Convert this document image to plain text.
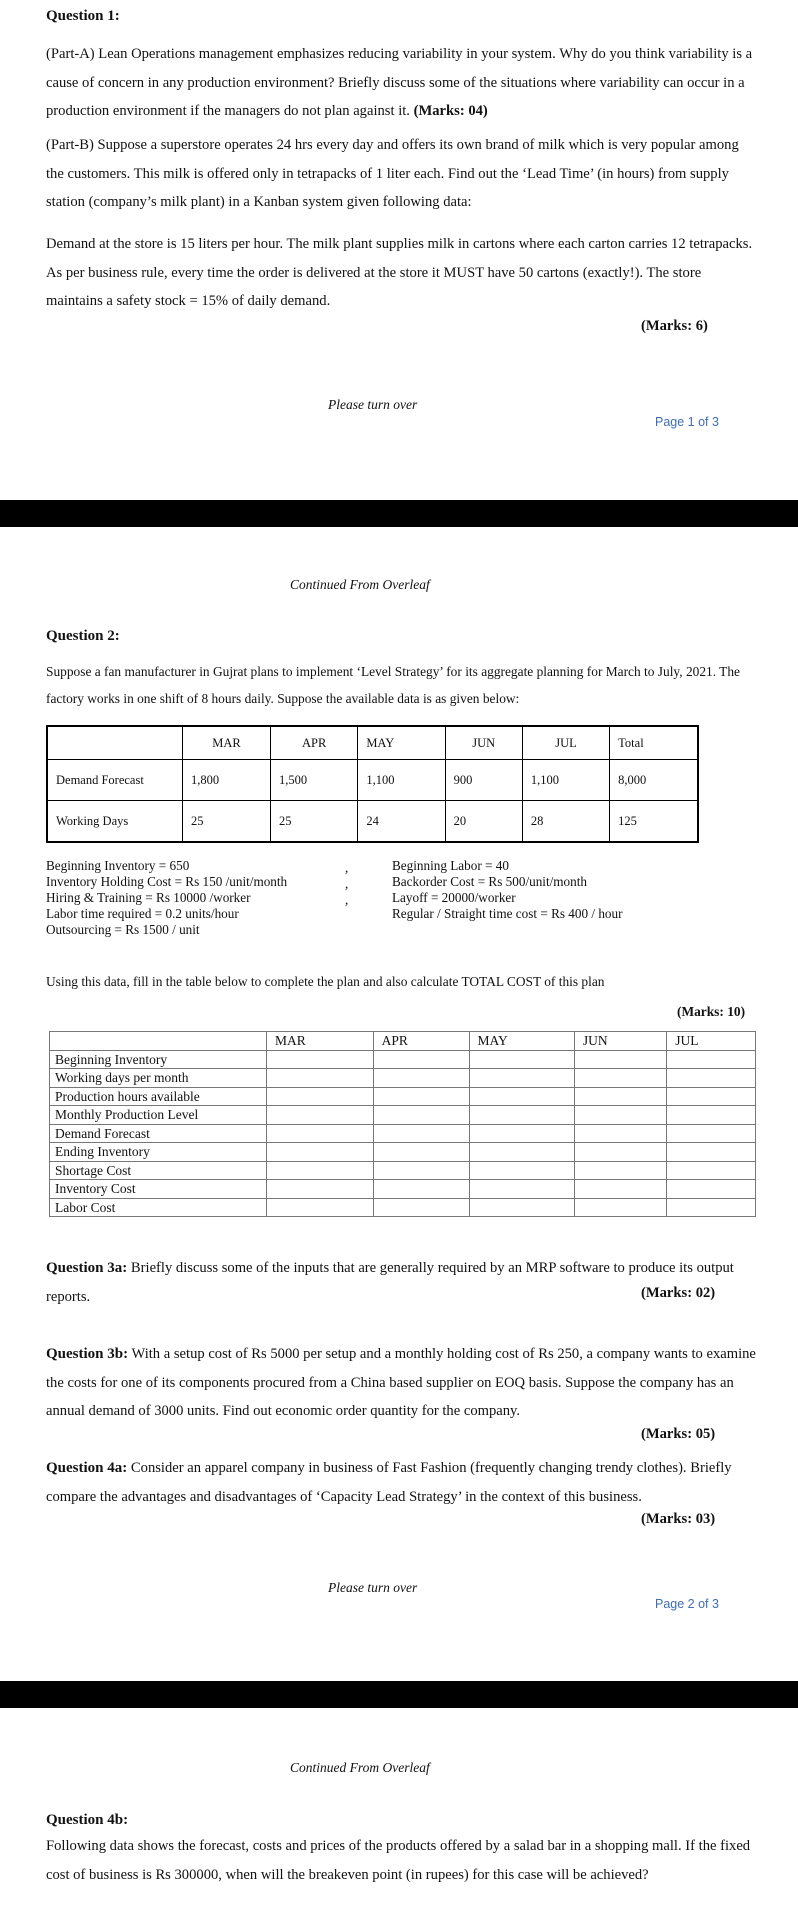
Question 1:
(Part-A) Lean Operations management emphasizes reducing variability in your system. Why do you think variability is a cause of concern in any production environment? Briefly discuss some of the situations where variability can occur in a production environment if the managers do not plan against it. (Marks: 04)
(Part-B) Suppose a superstore operates 24 hrs every day and offers its own brand of milk which is very popular among the customers. This milk is offered only in tetrapacks of 1 liter each. Find out the ‘Lead Time’ (in hours) from supply station (company’s milk plant) in a Kanban system given following data:
Demand at the store is 15 liters per hour. The milk plant supplies milk in cartons where each carton carries 12 tetrapacks. As per business rule, every time the order is delivered at the store it MUST have 50 cartons (exactly!). The store maintains a safety stock = 15% of daily demand.
(Marks: 6)
Please turn over
Page 1 of 3
Continued From Overleaf
Question 2:
Suppose a fan manufacturer in Gujrat plans to implement ‘Level Strategy’ for its aggregate planning for March to July, 2021. The factory works in one shift of 8 hours daily. Suppose the available data is as given below:
	MAR	APR	MAY	JUN	JUL	Total
Demand Forecast	1,800	1,500	1,100	900	1,100	8,000
Working Days	25	25	24	20	28	125
Beginning Inventory = 650
Inventory Holding Cost = Rs 150 /unit/month
Hiring & Training = Rs 10000 /worker
Labor time required = 0.2 units/hour
Outsourcing = Rs 1500 / unit
,
,
,
Beginning Labor = 40
Backorder Cost = Rs 500/unit/month
Layoff = 20000/worker
Regular / Straight time cost = Rs 400 / hour
Using this data, fill in the table below to complete the plan and also calculate TOTAL COST of this plan
(Marks: 10)
	MAR	APR	MAY	JUN	JUL
Beginning Inventory					
Working days per month					
Production hours available					
Monthly Production Level					
Demand Forecast					
Ending Inventory					
Shortage Cost					
Inventory Cost					
Labor Cost					
Question 3a: Briefly discuss some of the inputs that are generally required by an MRP software to produce its output reports.	(Marks: 02)
Question 3b: With a setup cost of Rs 5000 per setup and a monthly holding cost of Rs 250, a company wants to examine the costs for one of its components procured from a China based supplier on EOQ basis. Suppose the company has an annual demand of 3000 units. Find out economic order quantity for the company.
(Marks: 05)
Question 4a: Consider an apparel company in business of Fast Fashion (frequently changing trendy clothes). Briefly compare the advantages and disadvantages of ‘Capacity Lead Strategy’ in the context of this business.
(Marks: 03)
Please turn over
Page 2 of 3
Continued From Overleaf
Question 4b:
Following data shows the forecast, costs and prices of the products offered by a salad bar in a shopping mall. If the fixed cost of business is Rs 300000, when will the breakeven point (in rupees) for this case will be achieved?
